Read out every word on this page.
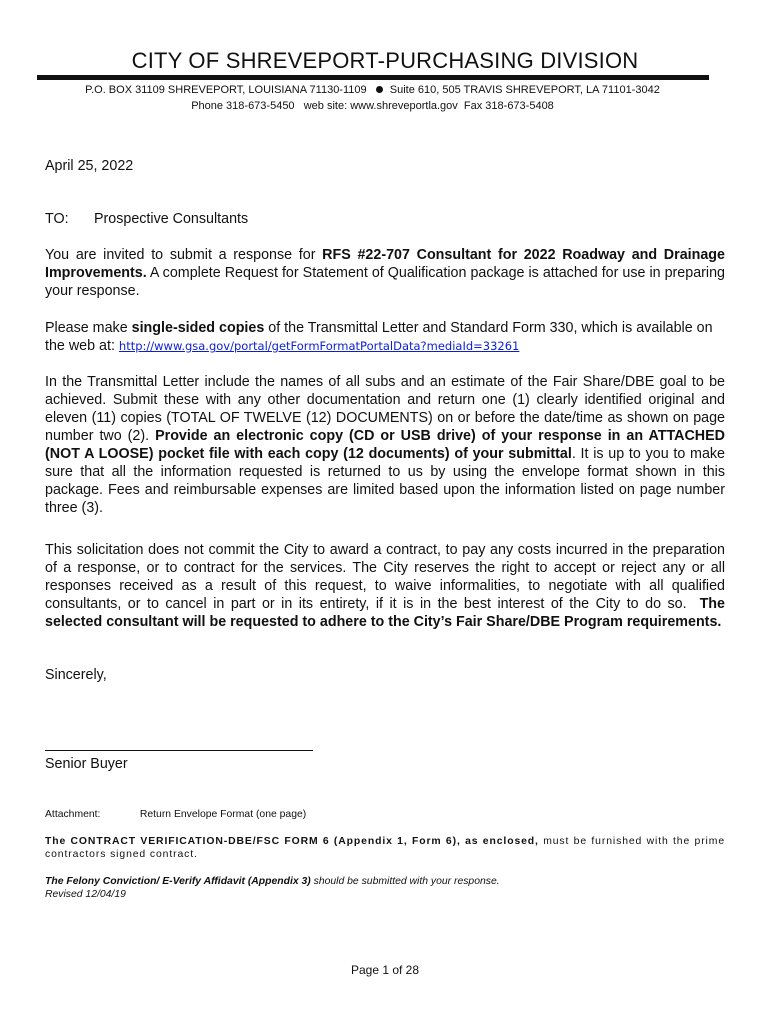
CITY OF SHREVEPORT-PURCHASING DIVISION
P.O. BOX 31109 SHREVEPORT, LOUISIANA 71130-1109 Suite 610, 505 TRAVIS SHREVEPORT, LA 71101-3042
Phone 318-673-5450   web site: www.shreveportla.gov  Fax 318-673-5408
April 25, 2022
TO: Prospective Consultants
You are invited to submit a response for RFS #22-707 Consultant for 2022 Roadway and Drainage Improvements. A complete Request for Statement of Qualification package is attached for use in preparing your response.
Please make single-sided copies of the Transmittal Letter and Standard Form 330, which is available on the web at: http://www.gsa.gov/portal/getFormFormatPortalData?mediaId=33261
In the Transmittal Letter include the names of all subs and an estimate of the Fair Share/DBE goal to be achieved. Submit these with any other documentation and return one (1) clearly identified original and eleven (11) copies (TOTAL OF TWELVE (12) DOCUMENTS) on or before the date/time as shown on page number two (2). Provide an electronic copy (CD or USB drive) of your response in an ATTACHED (NOT A LOOSE) pocket file with each copy (12 documents) of your submittal. It is up to you to make sure that all the information requested is returned to us by using the envelope format shown in this package. Fees and reimbursable expenses are limited based upon the information listed on page number three (3).
This solicitation does not commit the City to award a contract, to pay any costs incurred in the preparation of a response, or to contract for the services. The City reserves the right to accept or reject any or all responses received as a result of this request, to waive informalities, to negotiate with all qualified consultants, or to cancel in part or in its entirety, if it is in the best interest of the City to do so.  The selected consultant will be requested to adhere to the City’s Fair Share/DBE Program requirements.
Sincerely,
Senior Buyer
Attachment:	Return Envelope Format (one page)
The CONTRACT VERIFICATION-DBE/FSC FORM 6 (Appendix 1, Form 6), as enclosed, must be furnished with the prime contractors signed contract.
The Felony Conviction/ E-Verify Affidavit (Appendix 3) should be submitted with your response.
Revised 12/04/19
Page 1 of 28
